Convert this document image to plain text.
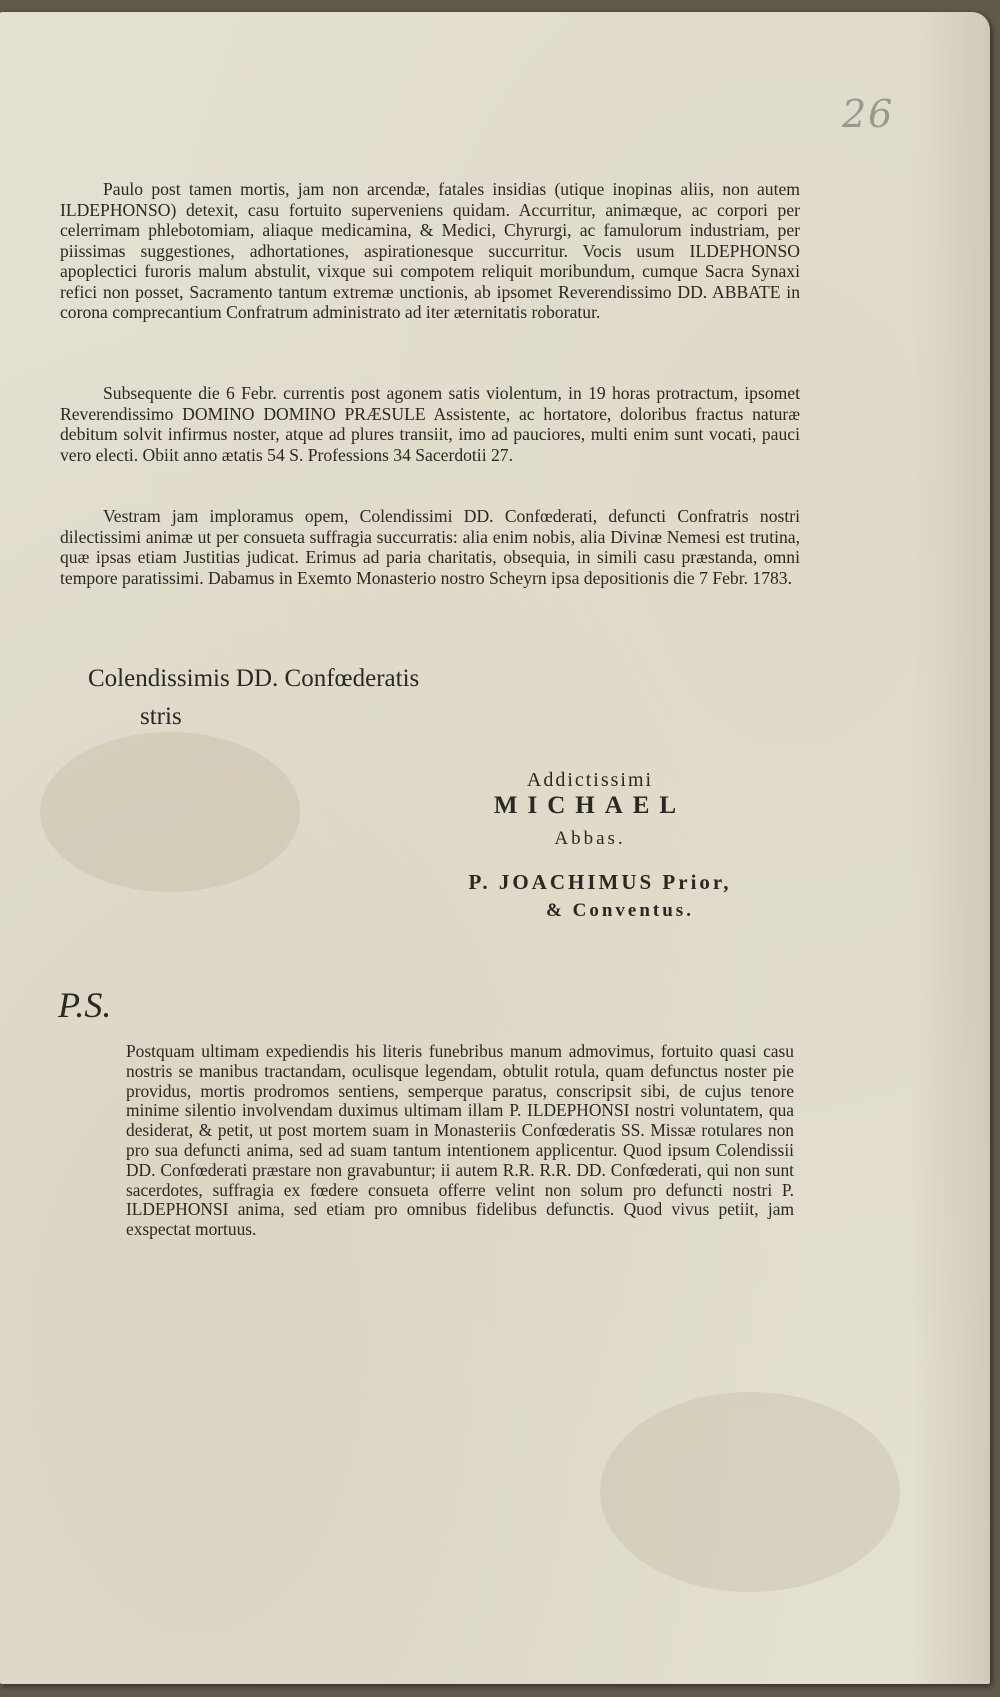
26

Paulo post tamen mortis, jam non arcendæ, fatales insidias (utique inopinas aliis, non autem ILDEPHONSO) detexit, casu fortuito superveniens quidam. Accurritur, animæque, ac corpori per celerrimam phlebotomiam, aliaque medicamina, & Medici, Chyrurgi, ac famulorum industriam, per piissimas suggestiones, adhortationes, aspirationesque succurritur. Vocis usum ILDEPHONSO apoplectici furoris malum abstulit, vixque sui compotem reliquit moribundum, cumque Sacra Synaxi refici non posset, Sacramento tantum extremæ unctionis, ab ipsomet Reverendissimo DD. ABBATE in corona comprecantium Confratrum administrato ad iter æternitatis roboratur.

Subsequente die 6 Febr. currentis post agonem satis violentum, in 19 horas protractum, ipsomet Reverendissimo DOMINO DOMINO PRÆSULE Assistente, ac hortatore, doloribus fractus naturæ debitum solvit infirmus noster, atque ad plures transiit, imo ad pauciores, multi enim sunt vocati, pauci vero electi. Obiit anno ætatis 54 S. Professions 34 Sacerdotii 27.

Vestram jam imploramus opem, Colendissimi DD. Confœderati, defuncti Confratris nostri dilectissimi animæ ut per consueta suffragia succurratis: alia enim nobis, alia Divinæ Nemesi est trutina, quæ ipsas etiam Justitias judicat. Erimus ad paria charitatis, obsequia, in simili casu præstanda, omni tempore paratissimi. Dabamus in Exemto Monasterio nostro Scheyrn ipsa depositionis die 7 Febr. 1783.

Colendissimis DD. Confœderatis

stris

Addictissimi

MICHAEL

Abbas.

P. JOACHIMUS Prior,

& Conventus.

P.S.

Postquam ultimam expediendis his literis funebribus manum admovimus, fortuito quasi casu nostris se manibus tractandam, oculisque legendam, obtulit rotula, quam defunctus noster pie providus, mortis prodromos sentiens, semperque paratus, conscripsit sibi, de cujus tenore minime silentio involvendam duximus ultimam illam P. ILDEPHONSI nostri voluntatem, qua desiderat, & petit, ut post mortem suam in Monasteriis Confœderatis SS. Missæ rotulares non pro sua defuncti anima, sed ad suam tantum intentionem applicentur. Quod ipsum Colendissii DD. Confœderati præstare non gravabuntur; ii autem R.R. R.R. DD. Confœderati, qui non sunt sacerdotes, suffragia ex fœdere consueta offerre velint non solum pro defuncti nostri P. ILDEPHONSI anima, sed etiam pro omnibus fidelibus defunctis. Quod vivus petiit, jam exspectat mortuus.
